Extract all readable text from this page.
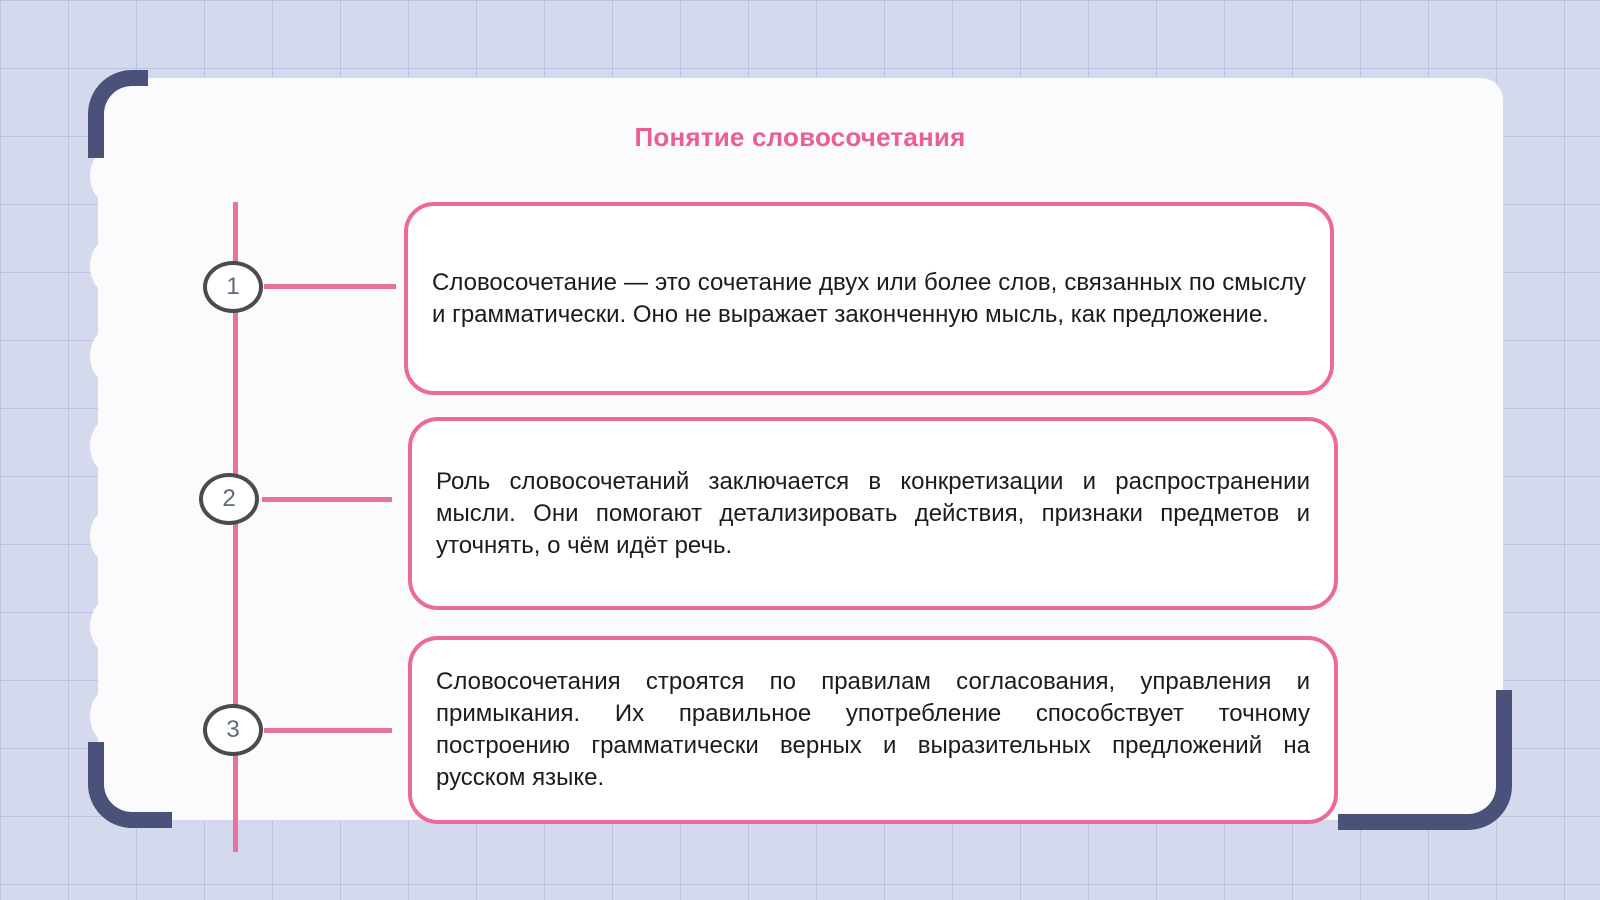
Понятие словосочетания
1
2
3

Словосочетание — это сочетание двух или более слов, связанных по смыслу и грамматически. Оно не выражает законченную мысль, как предложение.

Роль словосочетаний заключается в конкретизации и распространении мысли. Они помогают детализировать действия, признаки предметов и уточнять, о чём идёт речь.

Словосочетания строятся по правилам согласования, управления и примыкания. Их правильное употребление способствует точному построению грамматически верных и выразительных предложений на русском языке.
